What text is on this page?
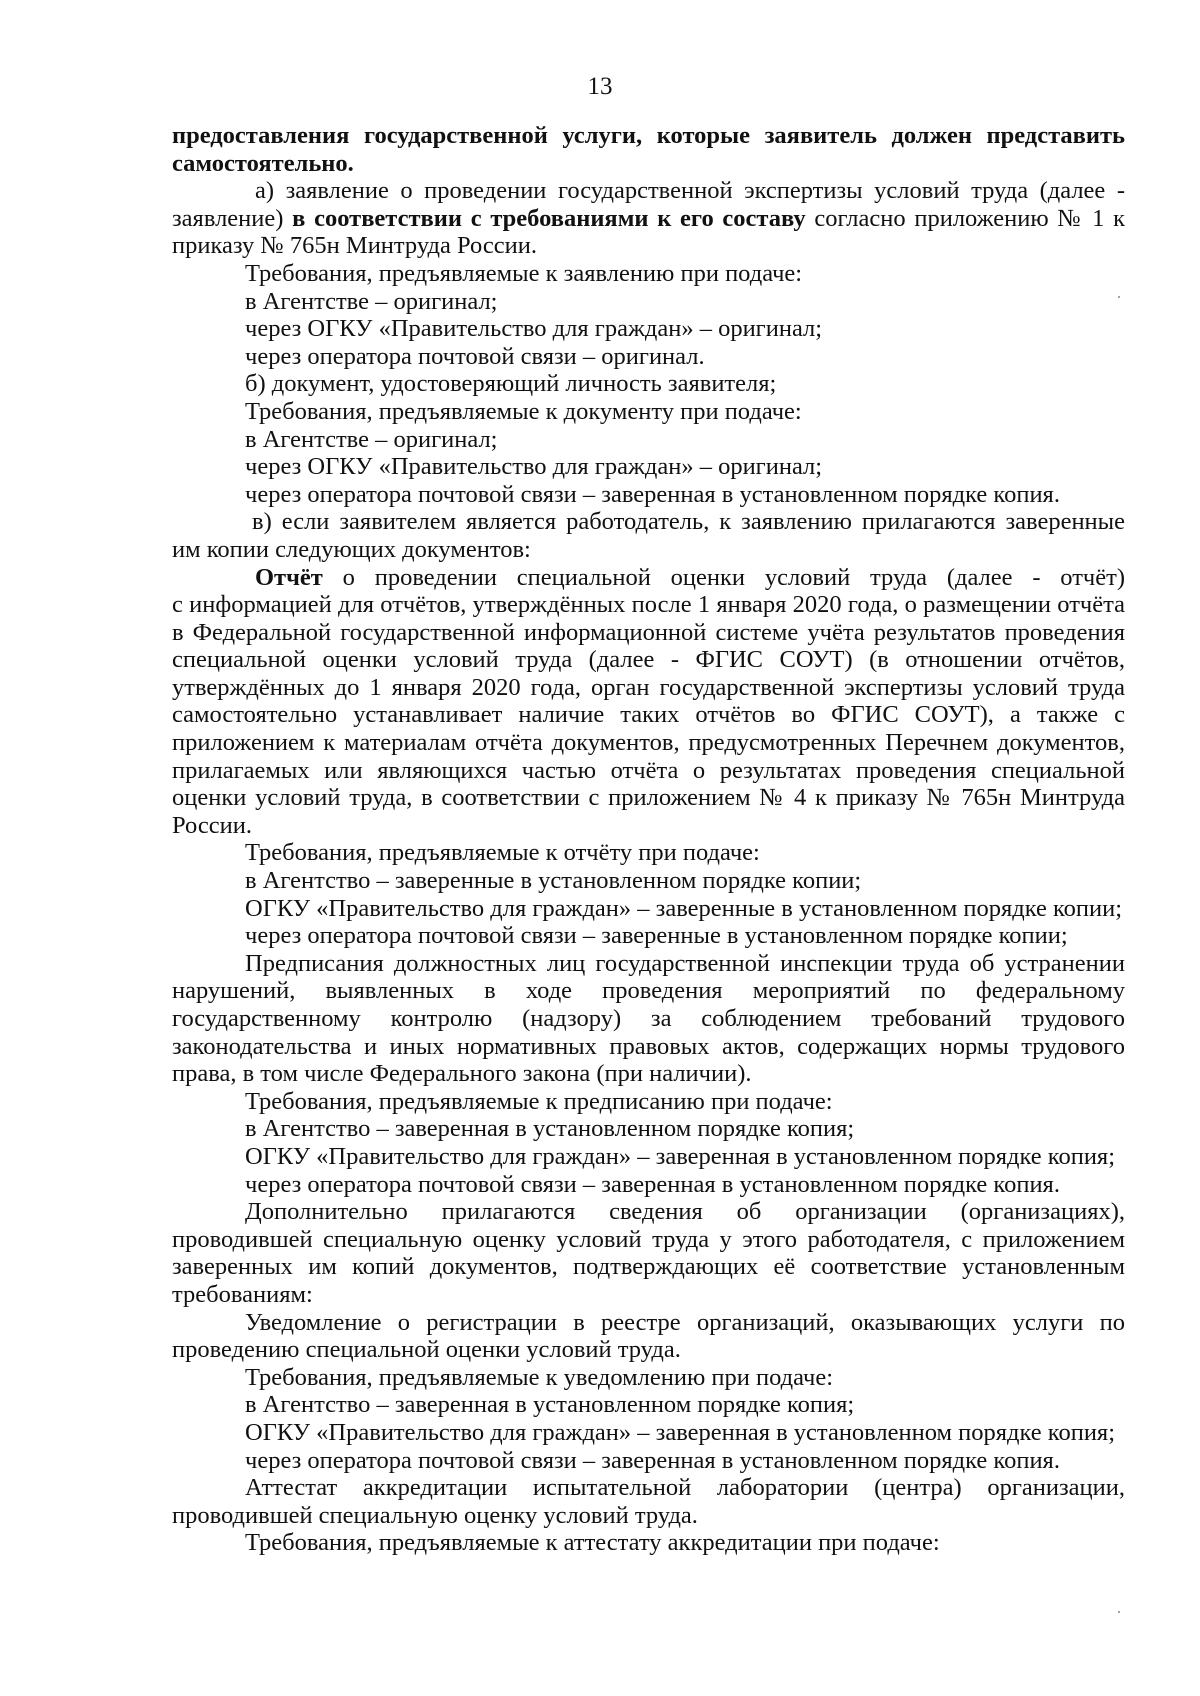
13

предоставления государственной услуги, которые заявитель должен представить

самостоятельно.

а) заявление о проведении государственной экспертизы условий труда (далее -

заявление) в соответствии с требованиями к его составу согласно приложению № 1 к

приказу № 765н Минтруда России.

Требования, предъявляемые к заявлению при подаче:

в Агентстве – оригинал;

через ОГКУ «Правительство для граждан» – оригинал;

через оператора почтовой связи – оригинал.

б) документ, удостоверяющий личность заявителя;

Требования, предъявляемые к документу при подаче:

в Агентстве – оригинал;

через ОГКУ «Правительство для граждан» – оригинал;

через оператора почтовой связи – заверенная в установленном порядке копия.

в) если заявителем является работодатель, к заявлению прилагаются заверенные

им копии следующих документов:

Отчёт о проведении специальной оценки условий труда (далее - отчёт)

с информацией для отчётов, утверждённых после 1 января 2020 года, о размещении отчёта

в Федеральной государственной информационной системе учёта результатов проведения

специальной оценки условий труда (далее - ФГИС СОУТ) (в отношении отчётов,

утверждённых до 1 января 2020 года, орган государственной экспертизы условий труда

самостоятельно устанавливает наличие таких отчётов во ФГИС СОУТ), а также с

приложением к материалам отчёта документов, предусмотренных Перечнем документов,

прилагаемых или являющихся частью отчёта о результатах проведения специальной

оценки условий труда, в соответствии с приложением № 4 к приказу № 765н Минтруда

России.

Требования, предъявляемые к отчёту при подаче:

в Агентство – заверенные в установленном порядке копии;

ОГКУ «Правительство для граждан» – заверенные в установленном порядке копии;

через оператора почтовой связи – заверенные в установленном порядке копии;

Предписания должностных лиц государственной инспекции труда об устранении

нарушений, выявленных в ходе проведения мероприятий по федеральному

государственному контролю (надзору) за соблюдением требований трудового

законодательства и иных нормативных правовых актов, содержащих нормы трудового

права, в том числе Федерального закона (при наличии).

Требования, предъявляемые к предписанию при подаче:

в Агентство – заверенная в установленном порядке копия;

ОГКУ «Правительство для граждан» – заверенная в установленном порядке копия;

через оператора почтовой связи – заверенная в установленном порядке копия.

Дополнительно прилагаются сведения об организации (организациях),

проводившей специальную оценку условий труда у этого работодателя, с приложением

заверенных им копий документов, подтверждающих её соответствие установленным

требованиям:

Уведомление о регистрации в реестре организаций, оказывающих услуги по

проведению специальной оценки условий труда.

Требования, предъявляемые к уведомлению при подаче:

в Агентство – заверенная в установленном порядке копия;

ОГКУ «Правительство для граждан» – заверенная в установленном порядке копия;

через оператора почтовой связи – заверенная в установленном порядке копия.

Аттестат аккредитации испытательной лаборатории (центра) организации,

проводившей специальную оценку условий труда.

Требования, предъявляемые к аттестату аккредитации при подаче:
